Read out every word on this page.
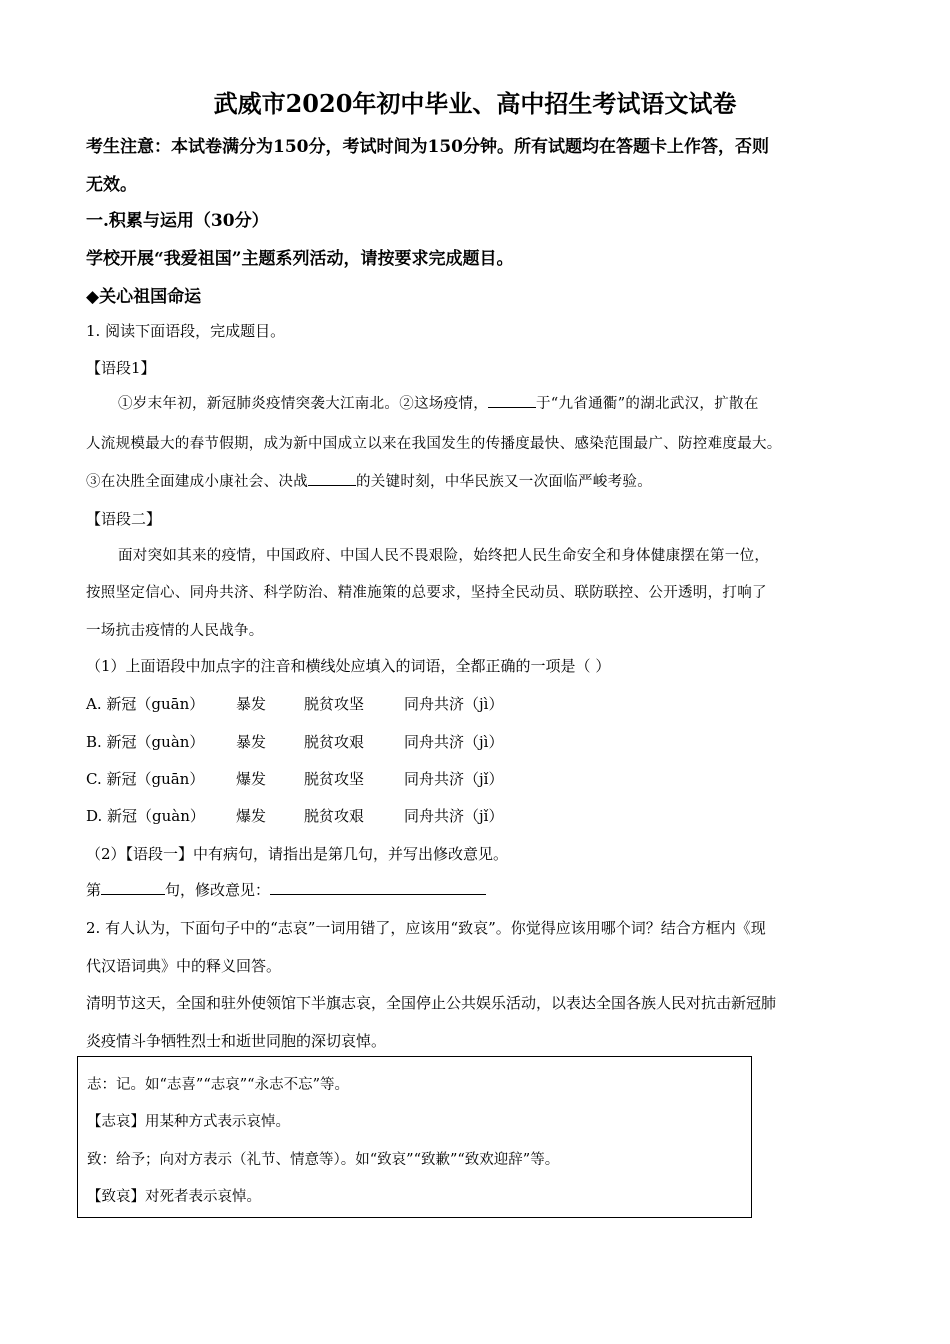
武威市2020年初中毕业、高中招生考试语文试卷
考生注意：本试卷满分为150分，考试时间为150分钟。所有试题均在答题卡上作答，否则
无效。
一.积累与运用（30分）
学校开展“我爱祖国”主题系列活动，请按要求完成题目。
◆关心祖国命运
1. 阅读下面语段，完成题目。
【语段1】
①岁末年初，新冠肺炎疫情突袭大江南北。②这场疫情，	于“九省通衢”的湖北武汉，扩散在
人流规模最大的春节假期，成为新中国成立以来在我国发生的传播度最快、感染范围最广、防控难度最大。
③在决胜全面建成小康社会、决战	的关键时刻，中华民族又一次面临严峻考验。
【语段二】
面对突如其来的疫情，中国政府、中国人民不畏艰险，始终把人民生命安全和身体健康摆在第一位，
按照坚定信心、同舟共济、科学防治、精准施策的总要求，坚持全民动员、联防联控、公开透明，打响了
一场抗击疫情的人民战争。
（1）上面语段中加点字的注音和横线处应填入的词语，全都正确的一项是（ ）
A. 新冠（guān） 暴发	脱贫攻坚	同舟共济（jì）
B. 新冠（guàn） 暴发	脱贫攻艰	同舟共济（jì）
C. 新冠（guān） 爆发	脱贫攻坚	同舟共济（jǐ）
D. 新冠（guàn） 爆发	脱贫攻艰	同舟共济（jǐ）
（2）【语段一】中有病句，请指出是第几句，并写出修改意见。
第	句，修改意见：
2. 有人认为，下面句子中的“志哀”一词用错了，应该用“致哀”。你觉得应该用哪个词？结合方框内《现
代汉语词典》中的释义回答。
清明节这天，全国和驻外使领馆下半旗志哀，全国停止公共娱乐活动，以表达全国各族人民对抗击新冠肺
炎疫情斗争牺牲烈士和逝世同胞的深切哀悼。
志：记。如“志喜”“志哀”“永志不忘”等。
【志哀】用某种方式表示哀悼。
致：给予；向对方表示（礼节、情意等）。如“致哀”“致歉”“致欢迎辞”等。
【致哀】对死者表示哀悼。
